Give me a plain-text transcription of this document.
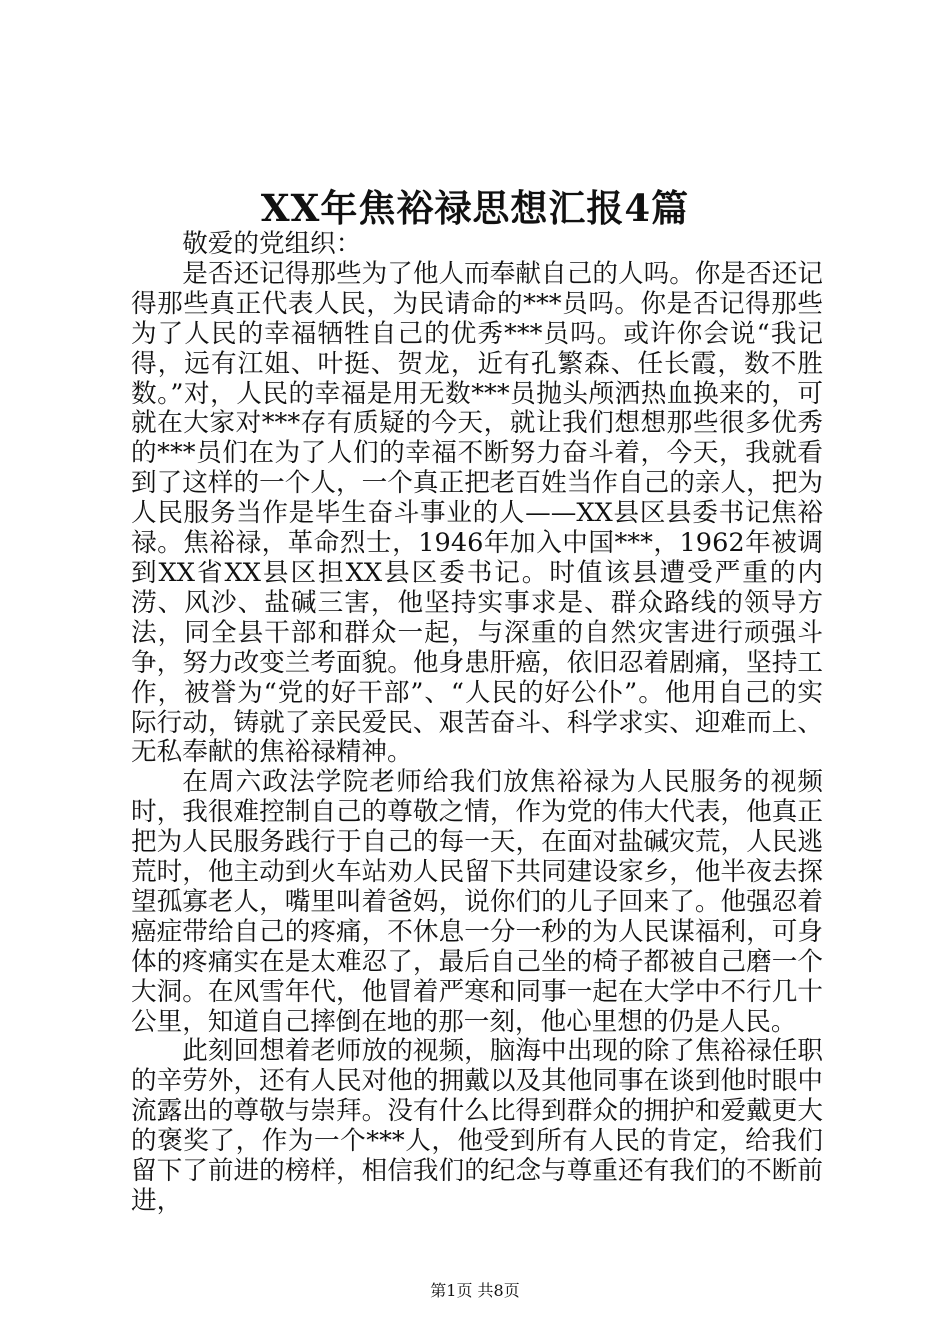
XX年焦裕禄思想汇报4篇

敬爱的党组织：

是否还记得那些为了他人而奉献自己的人吗。你是否还记得那些真正代表人民，为民请命的***员吗。你是否记得那些为了人民的幸福牺牲自己的优秀***员吗。或许你会说“我记得，远有江姐、叶挺、贺龙，近有孔繁森、任长霞，数不胜数。”对，人民的幸福是用无数***员抛头颅洒热血换来的，可就在大家对***存有质疑的今天，就让我们想想那些很多优秀的***员们在为了人们的幸福不断努力奋斗着，今天，我就看到了这样的一个人，一个真正把老百姓当作自己的亲人，把为人民服务当作是毕生奋斗事业的人——XX县区县委书记焦裕禄。焦裕禄，革命烈士，1946年加入中国***，1962年被调到XX省XX县区担XX县区委书记。时值该县遭受严重的内涝、风沙、盐碱三害，他坚持实事求是、群众路线的领导方法，同全县干部和群众一起，与深重的自然灾害进行顽强斗争，努力改变兰考面貌。他身患肝癌，依旧忍着剧痛，坚持工作，被誉为“党的好干部”、“人民的好公仆”。他用自己的实际行动，铸就了亲民爱民、艰苦奋斗、科学求实、迎难而上、无私奉献的焦裕禄精神。

在周六政法学院老师给我们放焦裕禄为人民服务的视频时，我很难控制自己的尊敬之情，作为党的伟大代表，他真正把为人民服务践行于自己的每一天，在面对盐碱灾荒，人民逃荒时，他主动到火车站劝人民留下共同建设家乡，他半夜去探望孤寡老人，嘴里叫着爸妈，说你们的儿子回来了。他强忍着癌症带给自己的疼痛，不休息一分一秒的为人民谋福利，可身体的疼痛实在是太难忍了，最后自己坐的椅子都被自己磨一个大洞。在风雪年代，他冒着严寒和同事一起在大学中不行几十公里，知道自己摔倒在地的那一刻，他心里想的仍是人民。

此刻回想着老师放的视频，脑海中出现的除了焦裕禄任职的辛劳外，还有人民对他的拥戴以及其他同事在谈到他时眼中流露出的尊敬与崇拜。没有什么比得到群众的拥护和爱戴更大的褒奖了，作为一个***人，他受到所有人民的肯定，给我们留下了前进的榜样，相信我们的纪念与尊重还有我们的不断前进，

第1页 共8页
